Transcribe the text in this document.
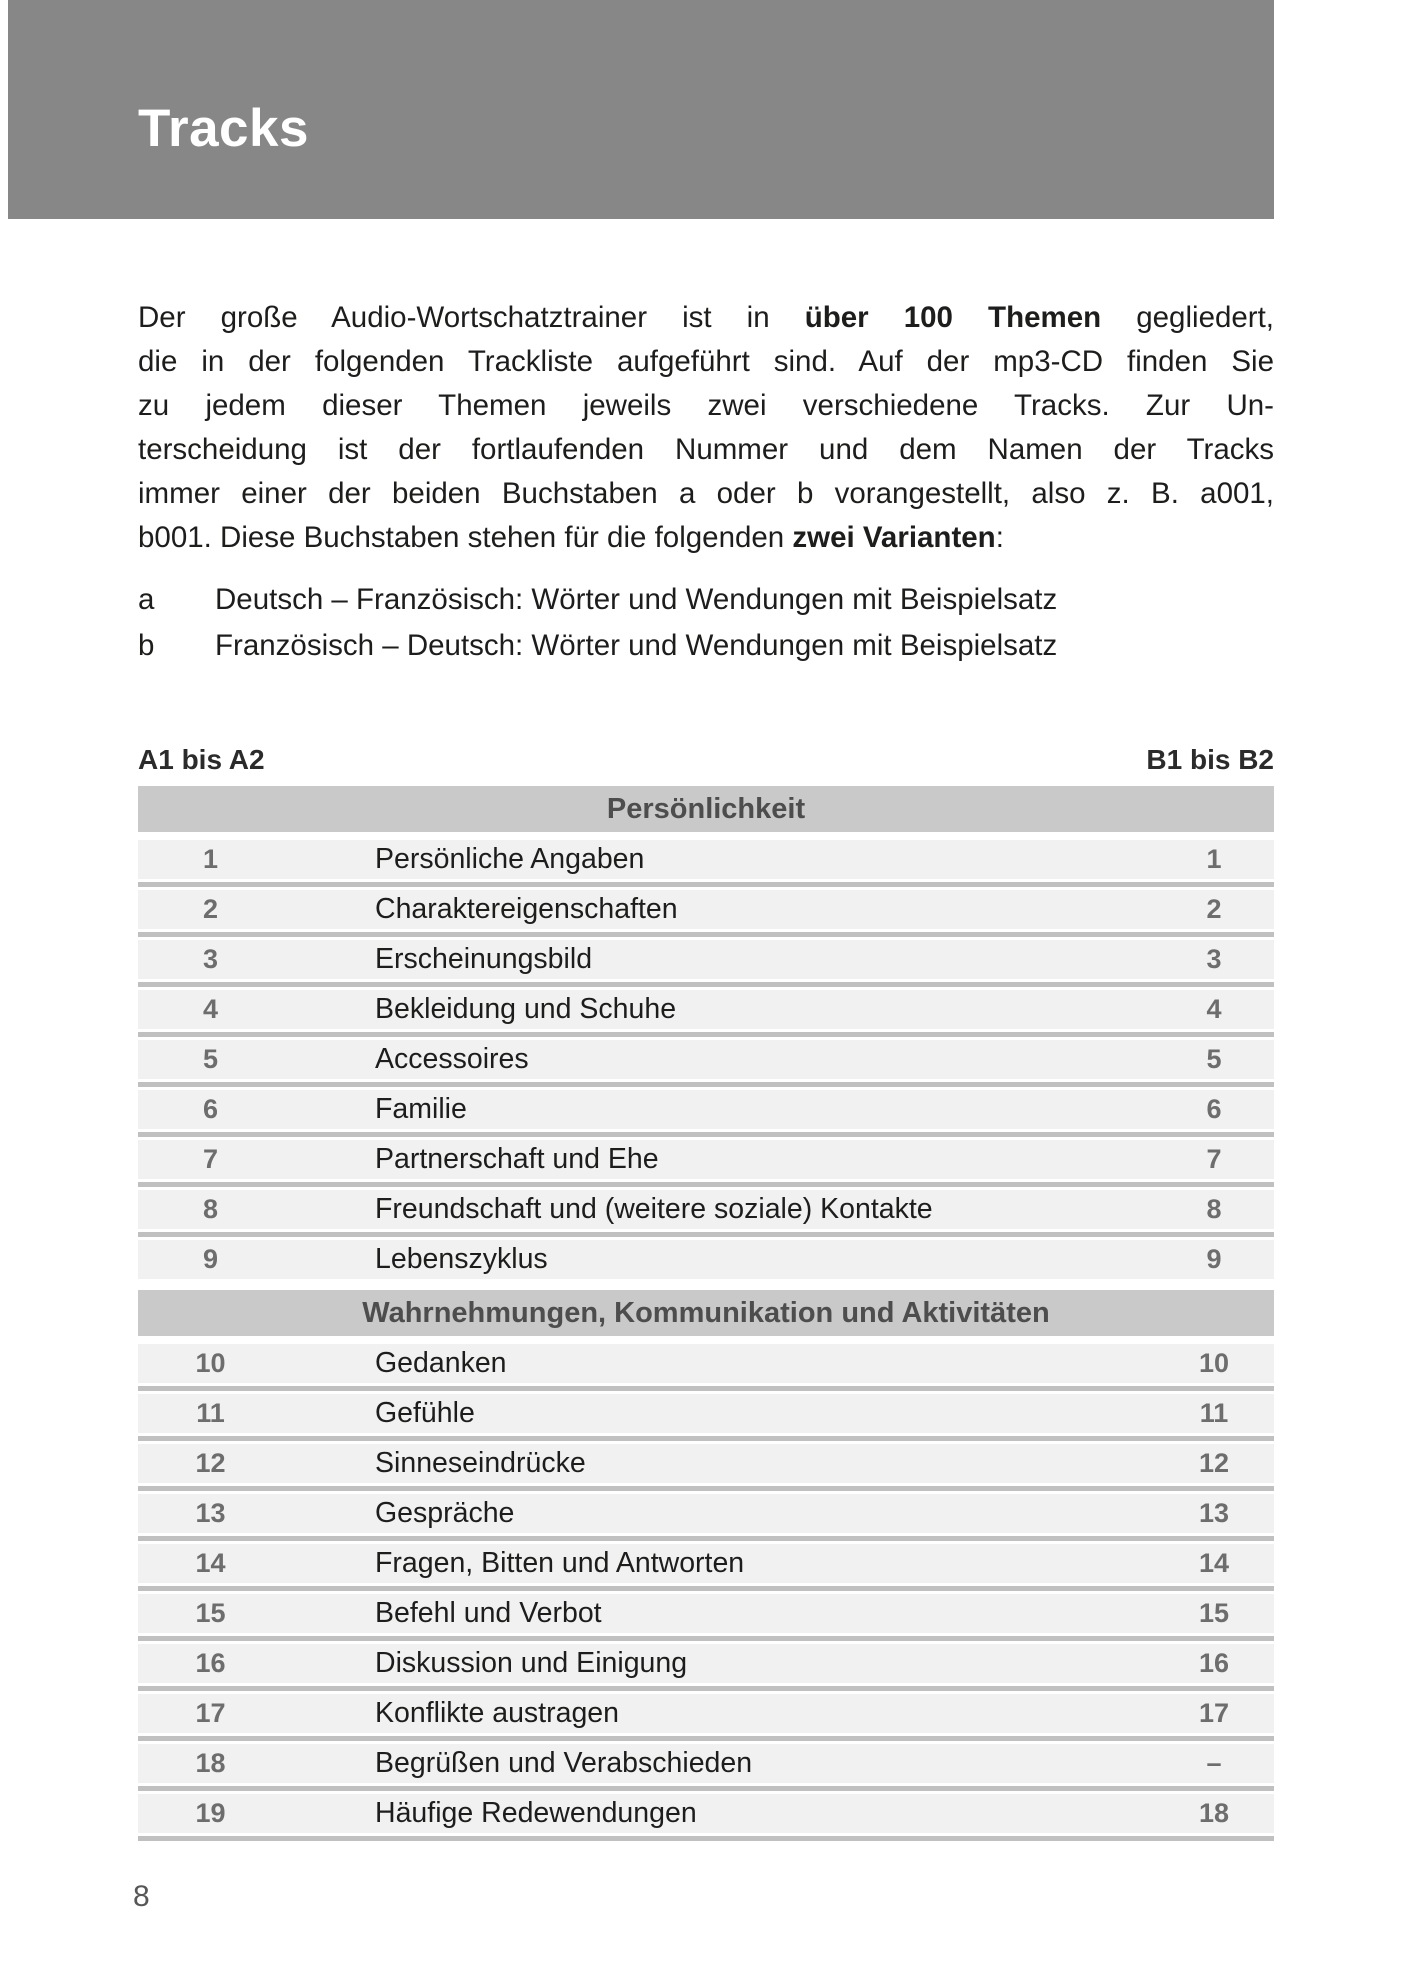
Tracks
Der große Audio-Wortschatztrainer ist in über 100 Themen gegliedert,
die in der folgenden Trackliste aufgeführt sind. Auf der mp3-CD finden Sie
zu jedem dieser Themen jeweils zwei verschiedene Tracks. Zur Un-
terscheidung ist der fortlaufenden Nummer und dem Namen der Tracks
immer einer der beiden Buchstaben a oder b vorangestellt, also z. B. a001,
b001. Diese Buchstaben stehen für die folgenden zwei Varianten:
a	Deutsch – Französisch: Wörter und Wendungen mit Beispielsatz
b	Französisch – Deutsch: Wörter und Wendungen mit Beispielsatz
A1 bis A2	B1 bis B2
Persönlichkeit
1	Persönliche Angaben	1
2	Charaktereigenschaften	2
3	Erscheinungsbild	3
4	Bekleidung und Schuhe	4
5	Accessoires	5
6	Familie	6
7	Partnerschaft und Ehe	7
8	Freundschaft und (weitere soziale) Kontakte	8
9	Lebenszyklus	9
Wahrnehmungen, Kommunikation und Aktivitäten
10	Gedanken	10
11	Gefühle	11
12	Sinneseindrücke	12
13	Gespräche	13
14	Fragen, Bitten und Antworten	14
15	Befehl und Verbot	15
16	Diskussion und Einigung	16
17	Konflikte austragen	17
18	Begrüßen und Verabschieden	–
19	Häufige Redewendungen	18
8
